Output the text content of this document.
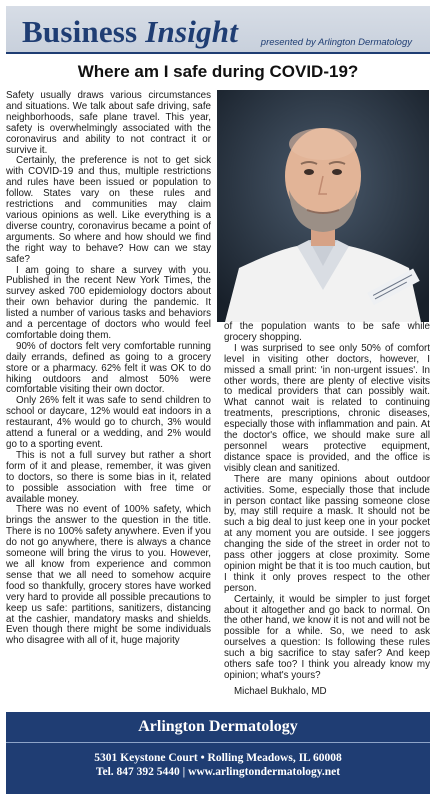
Business Insight presented by Arlington Dermatology
Where am I safe during COVID-19?

Safety usually draws various circumstances and situations. We talk about safe driving, safe neighborhoods, safe plane travel. This year, safety is overwhelmingly associated with the coronavirus and ability to not contract it or survive it.

Certainly, the preference is not to get sick with COVID-19 and thus, multiple restrictions and rules have been issued or population to follow. States vary on these rules and restrictions and communities may claim various opinions as well. Like everything is a diverse country, coronavirus became a point of arguments. So where and how should we find the right way to behave? How can we stay safe?

I am going to share a survey with you. Published in the recent New York Times, the survey asked 700 epidemiology doctors about their own behavior during the pandemic. It listed a number of various tasks and behaviors and a percentage of doctors who would feel comfortable doing them.

90% of doctors felt very comfortable running daily errands, defined as going to a grocery store or a pharmacy. 62% felt it was OK to do hiking outdoors and almost 50% were comfortable visiting their own doctor.

Only 26% felt it was safe to send children to school or daycare, 12% would eat indoors in a restaurant, 4% would go to church, 3% would attend a funeral or a wedding, and 2% would go to a sporting event.

This is not a full survey but rather a short form of it and please, remember, it was given to doctors, so there is some bias in it, related to possible association with free time or available money.

There was no event of 100% safety, which brings the answer to the question in the title. There is no 100% safety anywhere. Even if you do not go anywhere, there is always a chance someone will bring the virus to you. However, we all know from experience and common sense that we all need to somehow acquire food so thankfully, grocery stores have worked very hard to provide all possible precautions to keep us safe: partitions, sanitizers, distancing at the cashier, mandatory masks and shields. Even though there might be some individuals who disagree with all of it, huge majority

of the population wants to be safe while grocery shopping.

I was surprised to see only 50% of comfort level in visiting other doctors, however, I missed a small print: 'in non-urgent issues'. In other words, there are plenty of elective visits to medical providers that can possibly wait. What cannot wait is related to continuing treatments, prescriptions, chronic diseases, especially those with inflammation and pain. At the doctor's office, we should make sure all personnel wears protective equipment, distance space is provided, and the office is visibly clean and sanitized.

There are many opinions about outdoor activities. Some, especially those that include in person contact like passing someone close by, may still require a mask. It should not be such a big deal to just keep one in your pocket at any moment you are outside. I see joggers changing the side of the street in order not to pass other joggers at close proximity. Some opinion might be that it is too much caution, but I think it only proves respect to the other person.

Certainly, it would be simpler to just forget about it altogether and go back to normal. On the other hand, we know it is not and will not be possible for a while. So, we need to ask ourselves a question: Is following these rules such a big sacrifice to stay safer? And keep others safe too? I think you already know my opinion; what's yours?

Michael Bukhalo, MD

Arlington Dermatology
5301 Keystone Court • Rolling Meadows, IL 60008
Tel. 847 392 5440 | www.arlingtondermatology.net
